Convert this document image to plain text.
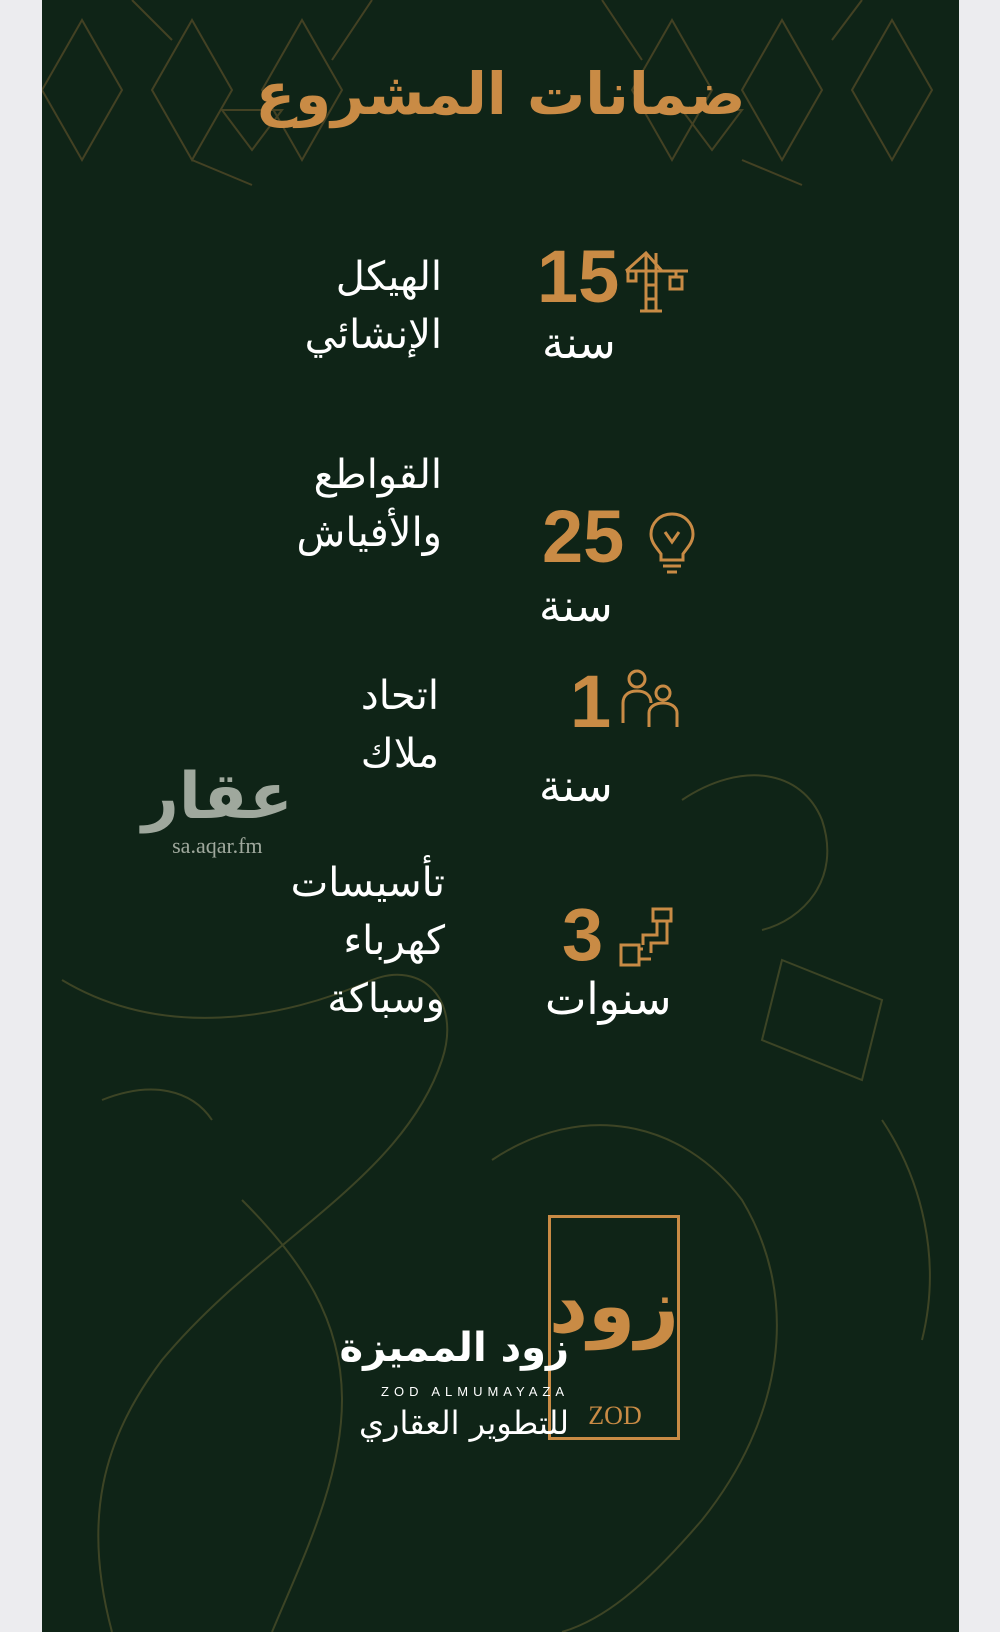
ضمانات المشروع
15
سنة
الهيكل
الإنشائي
25
سنة
القواطع
والأفياش
1
سنة
اتحاد
ملاك
3
سنوات
تأسيسات
كهرباء
وسباكة
عقار
sa.aqar.fm
زود
ZOD
زود المميزة
ZOD ALMUMAYAZA
للتطوير العقاري
